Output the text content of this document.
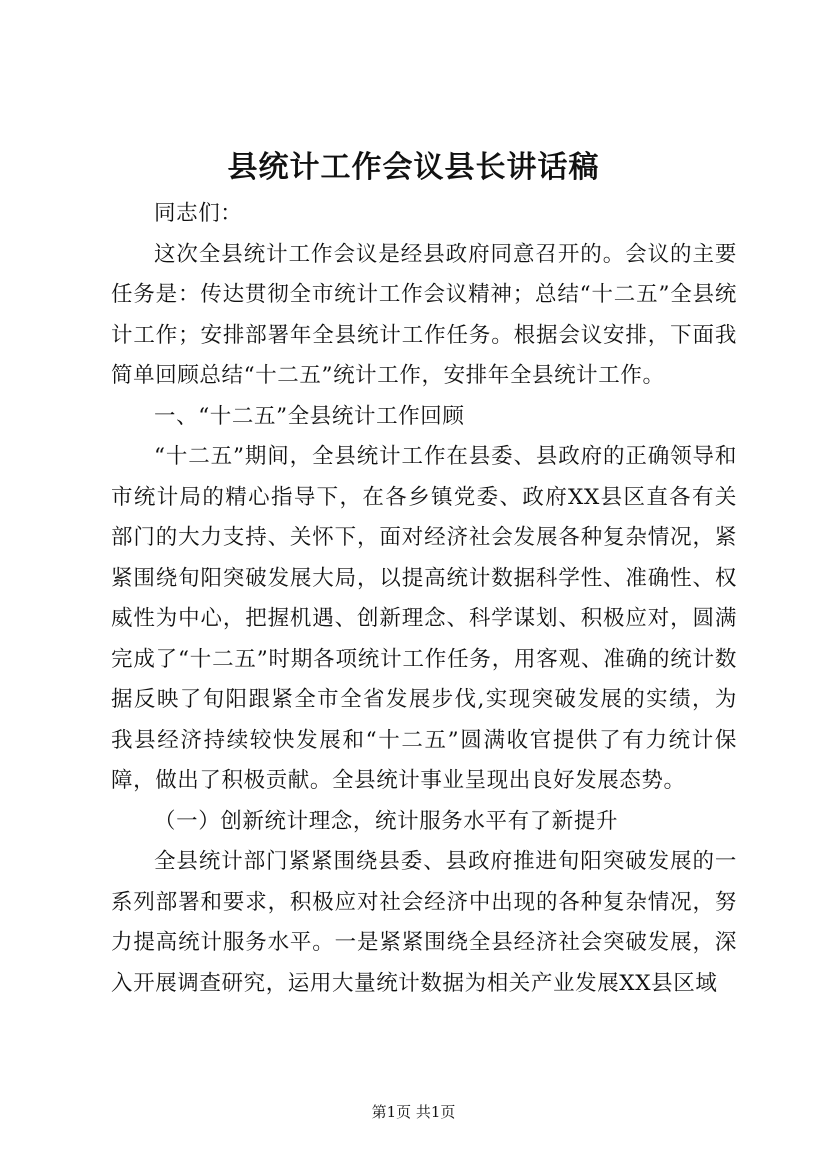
县统计工作会议县长讲话稿

同志们：

这次全县统计工作会议是经县政府同意召开的。会议的主要任务是：传达贯彻全市统计工作会议精神；总结“十二五”全县统计工作；安排部署年全县统计工作任务。根据会议安排，下面我简单回顾总结“十二五”统计工作，安排年全县统计工作。

一、“十二五”全县统计工作回顾

“十二五”期间，全县统计工作在县委、县政府的正确领导和市统计局的精心指导下，在各乡镇党委、政府XX县区直各有关部门的大力支持、关怀下，面对经济社会发展各种复杂情况，紧紧围绕旬阳突破发展大局，以提高统计数据科学性、准确性、权威性为中心，把握机遇、创新理念、科学谋划、积极应对，圆满完成了“十二五”时期各项统计工作任务，用客观、准确的统计数据反映了旬阳跟紧全市全省发展步伐,实现突破发展的实绩，为我县经济持续较快发展和“十二五”圆满收官提供了有力统计保障，做出了积极贡献。全县统计事业呈现出良好发展态势。

（一）创新统计理念，统计服务水平有了新提升

全县统计部门紧紧围绕县委、县政府推进旬阳突破发展的一系列部署和要求，积极应对社会经济中出现的各种复杂情况，努力提高统计服务水平。一是紧紧围绕全县经济社会突破发展，深入开展调查研究，运用大量统计数据为相关产业发展XX县区域

第1页 共1页
